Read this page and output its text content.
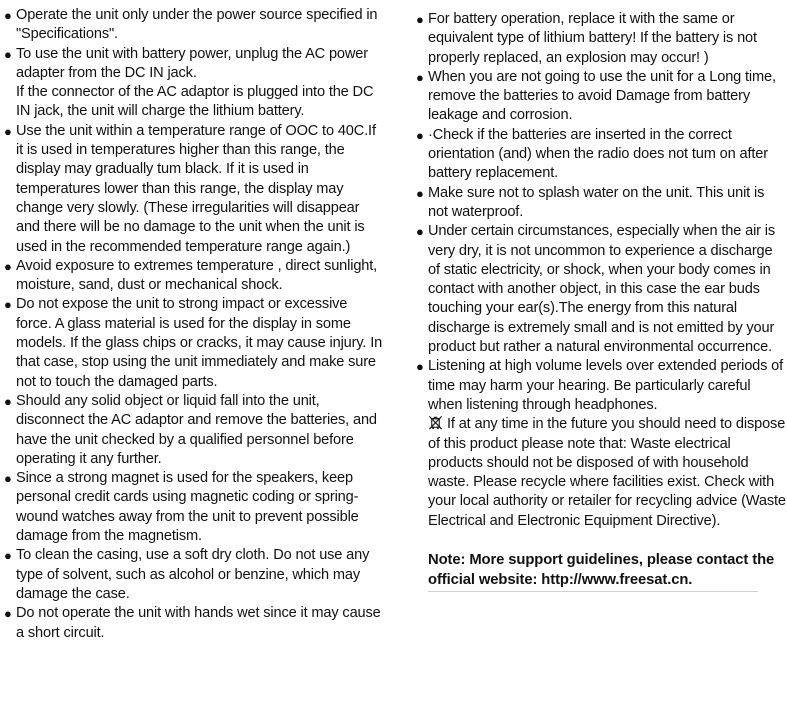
● Operate the unit only under the power source specified in "Specifications".

● To use the unit with battery power, unplug the AC power adapter from the DC IN jack.

If the connector of the AC adaptor is plugged into the DC IN jack, the unit will charge the lithium battery.

● Use the unit within a temperature range of OOC to 40C.If it is used in temperatures higher than this range, the display may gradually tum black. If it is used in temperatures lower than this range, the display may change very slowly. (These irregularities will disappear and there will be no damage to the unit when the unit is used in the recommended temperature range again.)

● Avoid exposure to extremes temperature , direct sunlight, moisture, sand, dust or mechanical shock.

● Do not expose the unit to strong impact or excessive force. A glass material is used for the display in some models. If the glass chips or cracks, it may cause injury. In that case, stop using the unit immediately and make sure not to touch the damaged parts.

● Should any solid object or liquid fall into the unit, disconnect the AC adaptor and remove the batteries, and have the unit checked by a qualified personnel before operating it any further.

● Since a strong magnet is used for the speakers, keep personal credit cards using magnetic coding or spring-wound watches away from the unit to prevent possible damage from the magnetism.

● To clean the casing, use a soft dry cloth. Do not use any type of solvent, such as alcohol or benzine, which may damage the case.

● Do not operate the unit with hands wet since it may cause a short circuit.

● For battery operation, replace it with the same or equivalent type of lithium battery! If the battery is not properly replaced, an explosion may occur! )

● When you are not going to use the unit for a Long time, remove the batteries to avoid Damage from battery leakage and corrosion.

● ·Check if the batteries are inserted in the correct orientation (and) when the radio does not tum on after battery replacement.

● Make sure not to splash water on the unit. This unit is not waterproof.

● Under certain circumstances, especially when the air is very dry, it is not uncommon to experience a discharge of static electricity, or shock, when your body comes in contact with another object, in this case the ear buds touching your ear(s).The energy from this natural discharge is extremely small and is not emitted by your product but rather a natural environmental occurrence.

● Listening at high volume levels over extended periods of time may harm your hearing. Be particularly careful when listening through headphones.

If at any time in the future you should need to dispose of this product please note that: Waste electrical products should not be disposed of with household waste. Please recycle where facilities exist. Check with your local authority or retailer for recycling advice (Waste Electrical and Electronic Equipment Directive).
Note: More support guidelines, please contact the official website: http://www.freesat.cn.
